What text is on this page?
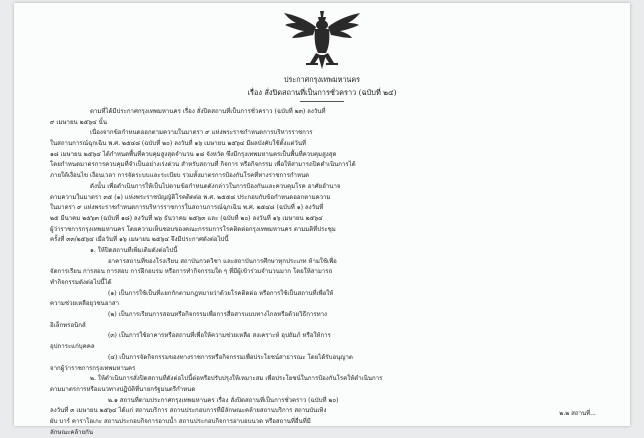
ประกาศกรุงเทพมหานคร
เรื่อง สั่งปิดสถานที่เป็นการชั่วคราว (ฉบับที่ ๒๔)
ตามที่ได้มีประกาศกรุงเทพมหานคร เรื่อง สั่งปิดสถานที่เป็นการชั่วคราว (ฉบับที่ ๒๓) ลงวันที่
๙ เมษายน ๒๕๖๔ นั้น
เนื่องจากข้อกำหนดออกตามความในมาตรา ๙ แห่งพระราชกำหนดการบริหารราชการ
ในสถานการณ์ฉุกเฉิน พ.ศ. ๒๕๔๘ (ฉบับที่ ๒๐) ลงวันที่ ๑๖ เมษายน ๒๕๖๔ มีผลบังคับใช้ตั้งแต่วันที่
๑๘ เมษายน ๒๕๖๔ ได้กำหนดพื้นที่ควบคุมสูงสุดจำนวน ๑๘ จังหวัด ซึ่งมีกรุงเทพมหานครเป็นพื้นที่ควบคุมสูงสุด
โดยกำหนดมาตรการควบคุมที่จำเป็นอย่างเร่งด่วน สำหรับสถานที่ กิจการ หรือกิจกรรม เพื่อให้สามารถปิดดำเนินการได้
ภายใต้เงื่อนไข เงื่อนเวลา การจัดระบบและระเบียบ รวมทั้งมาตรการป้องกันโรคที่ทางราชการกำหนด
ดังนั้น เพื่อดำเนินการให้เป็นไปตามข้อกำหนดดังกล่าวในการป้องกันและควบคุมโรค อาศัยอำนาจ
ตามความในมาตรา ๓๕ (๑) แห่งพระราชบัญญัติโรคติดต่อ พ.ศ. ๒๕๕๘ ประกอบกับข้อกำหนดออกตามความ
ในมาตรา ๙ แห่งพระราชกำหนดการบริหารราชการในสถานการณ์ฉุกเฉิน พ.ศ. ๒๕๔๘ (ฉบับที่ ๑) ลงวันที่
๒๕ มีนาคม ๒๕๖๓ (ฉบับที่ ๑๘) ลงวันที่ ๒๖ ธันวาคม ๒๕๖๓ และ (ฉบับที่ ๒๐) ลงวันที่ ๑๖ เมษายน ๒๕๖๔
ผู้ว่าราชการกรุงเทพมหานคร โดยความเห็นชอบของคณะกรรมการโรคติดต่อกรุงเทพมหานคร ตามมติที่ประชุม
ครั้งที่ ๓๓/๒๕๖๔ เมื่อวันที่ ๑๖ เมษายน ๒๕๖๔ จึงมีประกาศดังต่อไปนี้
๑. ให้ปิดสถานที่เพิ่มเติมดังต่อไปนี้
อาคารสถานที่ของโรงเรียน สถาบันกวดวิชา และสถาบันการศึกษาทุกประเภท ห้ามใช้เพื่อ
จัดการเรียน การสอน การสอบ การฝึกอบรม หรือการทำกิจกรรมใด ๆ ที่มีผู้เข้าร่วมจำนวนมาก โดยให้สามารถ
ทำกิจกรรมดังต่อไปนี้ได้
(๑) เป็นการใช้เป็นที่แยกกักตามกฎหมายว่าด้วยโรคติดต่อ หรือการใช้เป็นสถานที่เพื่อให้
ความช่วยเหลือยุวชนอาสา
(๒) เป็นการเรียนการสอนหรือกิจกรรมเพื่อการสื่อสารแบบทางไกลหรือด้วยวิธีการทาง
อิเล็กทรอนิกส์
(๓) เป็นการใช้อาคารหรือสถานที่เพื่อให้ความช่วยเหลือ สงเคราะห์ อุปถัมภ์ หรือให้การ
อุปการะแก่บุคคล
(๔) เป็นการจัดกิจกรรมของทางราชการหรือกิจกรรมเพื่อประโยชน์สาธารณะ โดยได้รับอนุญาต
จากผู้ว่าราชการกรุงเทพมหานคร
๒. ให้ดำเนินการสั่งปิดสถานที่ดังต่อไปนี้ต่อหรือปรับปรุงให้เหมาะสม เพื่อประโยชน์ในการป้องกันโรคให้ดำเนินการ
ตามมาตรการหรือแนวทางปฏิบัติที่นายกรัฐมนตรีกำหนด
๒.๑ สถานที่ตามประกาศกรุงเทพมหานคร เรื่อง สั่งปิดสถานที่เป็นการชั่วคราว (ฉบับที่ ๒๐)
ลงวันที่ ๓ เมษายน ๒๕๖๔ ได้แก่ สถานบริการ สถานประกอบการที่มีลักษณะคล้ายสถานบริการ สถานบันเทิง
ผับ บาร์ คาราโอเกะ สถานประกอบกิจการอาบน้ำ สถานประกอบกิจการอาบอบนวด หรือสถานที่อื่นที่มี
ลักษณะคล้ายกัน
๒.๒ สถานที่...
